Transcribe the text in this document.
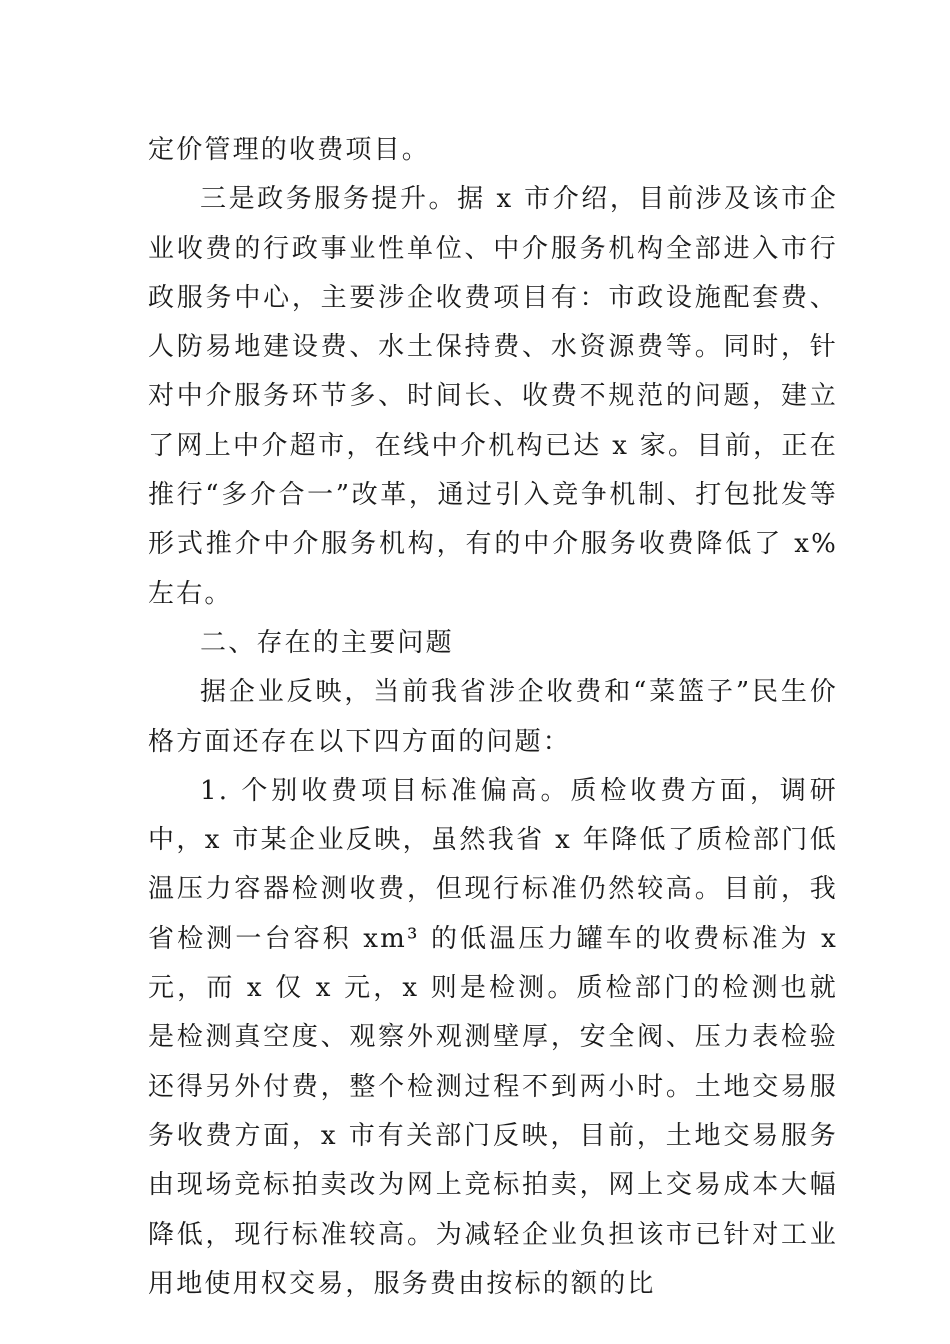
定价管理的收费项目。

三是政务服务提升。据 x 市介绍，目前涉及该市企业收费的行政事业性单位、中介服务机构全部进入市行政服务中心，主要涉企收费项目有：市政设施配套费、人防易地建设费、水土保持费、水资源费等。同时，针对中介服务环节多、时间长、收费不规范的问题，建立了网上中介超市，在线中介机构已达 x 家。目前，正在推行“多介合一”改革，通过引入竞争机制、打包批发等形式推介中介服务机构，有的中介服务收费降低了 x%左右。

二、存在的主要问题

据企业反映，当前我省涉企收费和“菜篮子”民生价格方面还存在以下四方面的问题：

1. 个别收费项目标准偏高。质检收费方面，调研中，x 市某企业反映，虽然我省 x 年降低了质检部门低温压力容器检测收费，但现行标准仍然较高。目前，我省检测一台容积 xm³ 的低温压力罐车的收费标准为 x 元，而 x 仅 x 元，x 则是检测。质检部门的检测也就是检测真空度、观察外观测壁厚，安全阀、压力表检验还得另外付费，整个检测过程不到两小时。土地交易服务收费方面，x 市有关部门反映，目前，土地交易服务由现场竞标拍卖改为网上竞标拍卖，网上交易成本大幅降低，现行标准较高。为减轻企业负担该市已针对工业用地使用权交易，服务费由按标的额的比
